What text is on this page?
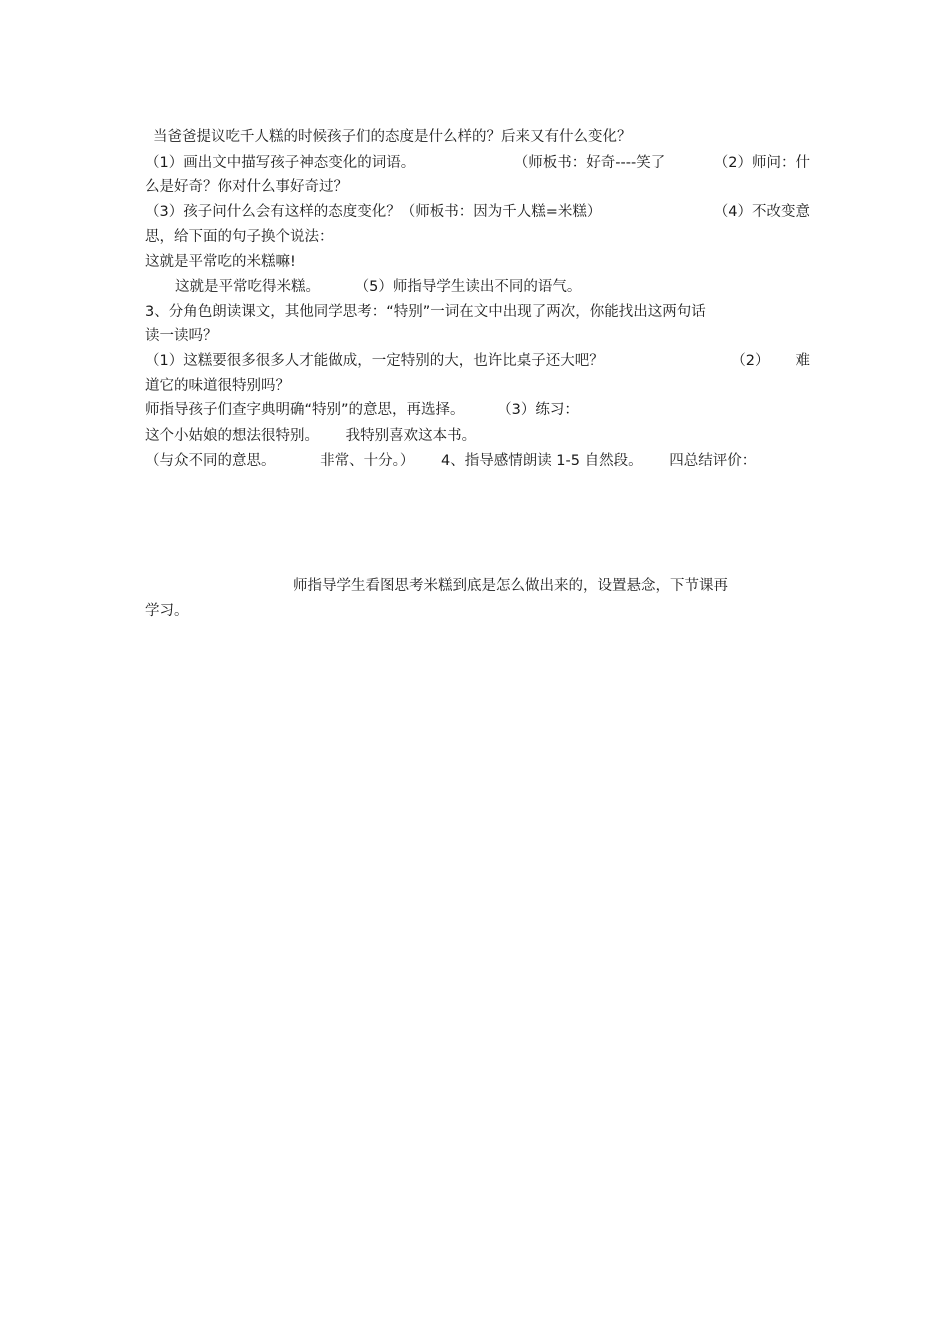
当爸爸提议吃千人糕的时候孩子们的态度是什么样的？后来又有什么变化？
（1）画出文中描写孩子神态变化的词语。	（师板书：好奇----笑了	（2）师问：什
么是好奇？你对什么事好奇过？
（3）孩子问什么会有这样的态度变化？（师板书：因为千人糕=米糕）	（4）不改变意
思，给下面的句子换个说法：
这就是平常吃的米糕嘛!
这就是平常吃得米糕。 （5）师指导学生读出不同的语气。
3、分角色朗读课文，其他同学思考：“特别”一词在文中出现了两次，你能找出这两句话
读一读吗？
（1）这糕要很多很多人才能做成，一定特别的大，也许比桌子还大吧？	（2） 难
道它的味道很特别吗？
师指导孩子们查字典明确“特别”的意思，再选择。 （3）练习：
这个小姑娘的想法很特别。 我特别喜欢这本书。
（与众不同的意思。	非常、十分。） 4、指导感情朗读 1-5 自然段。 四总结评价：
师指导学生看图思考米糕到底是怎么做出来的，设置悬念，下节课再
学习。
